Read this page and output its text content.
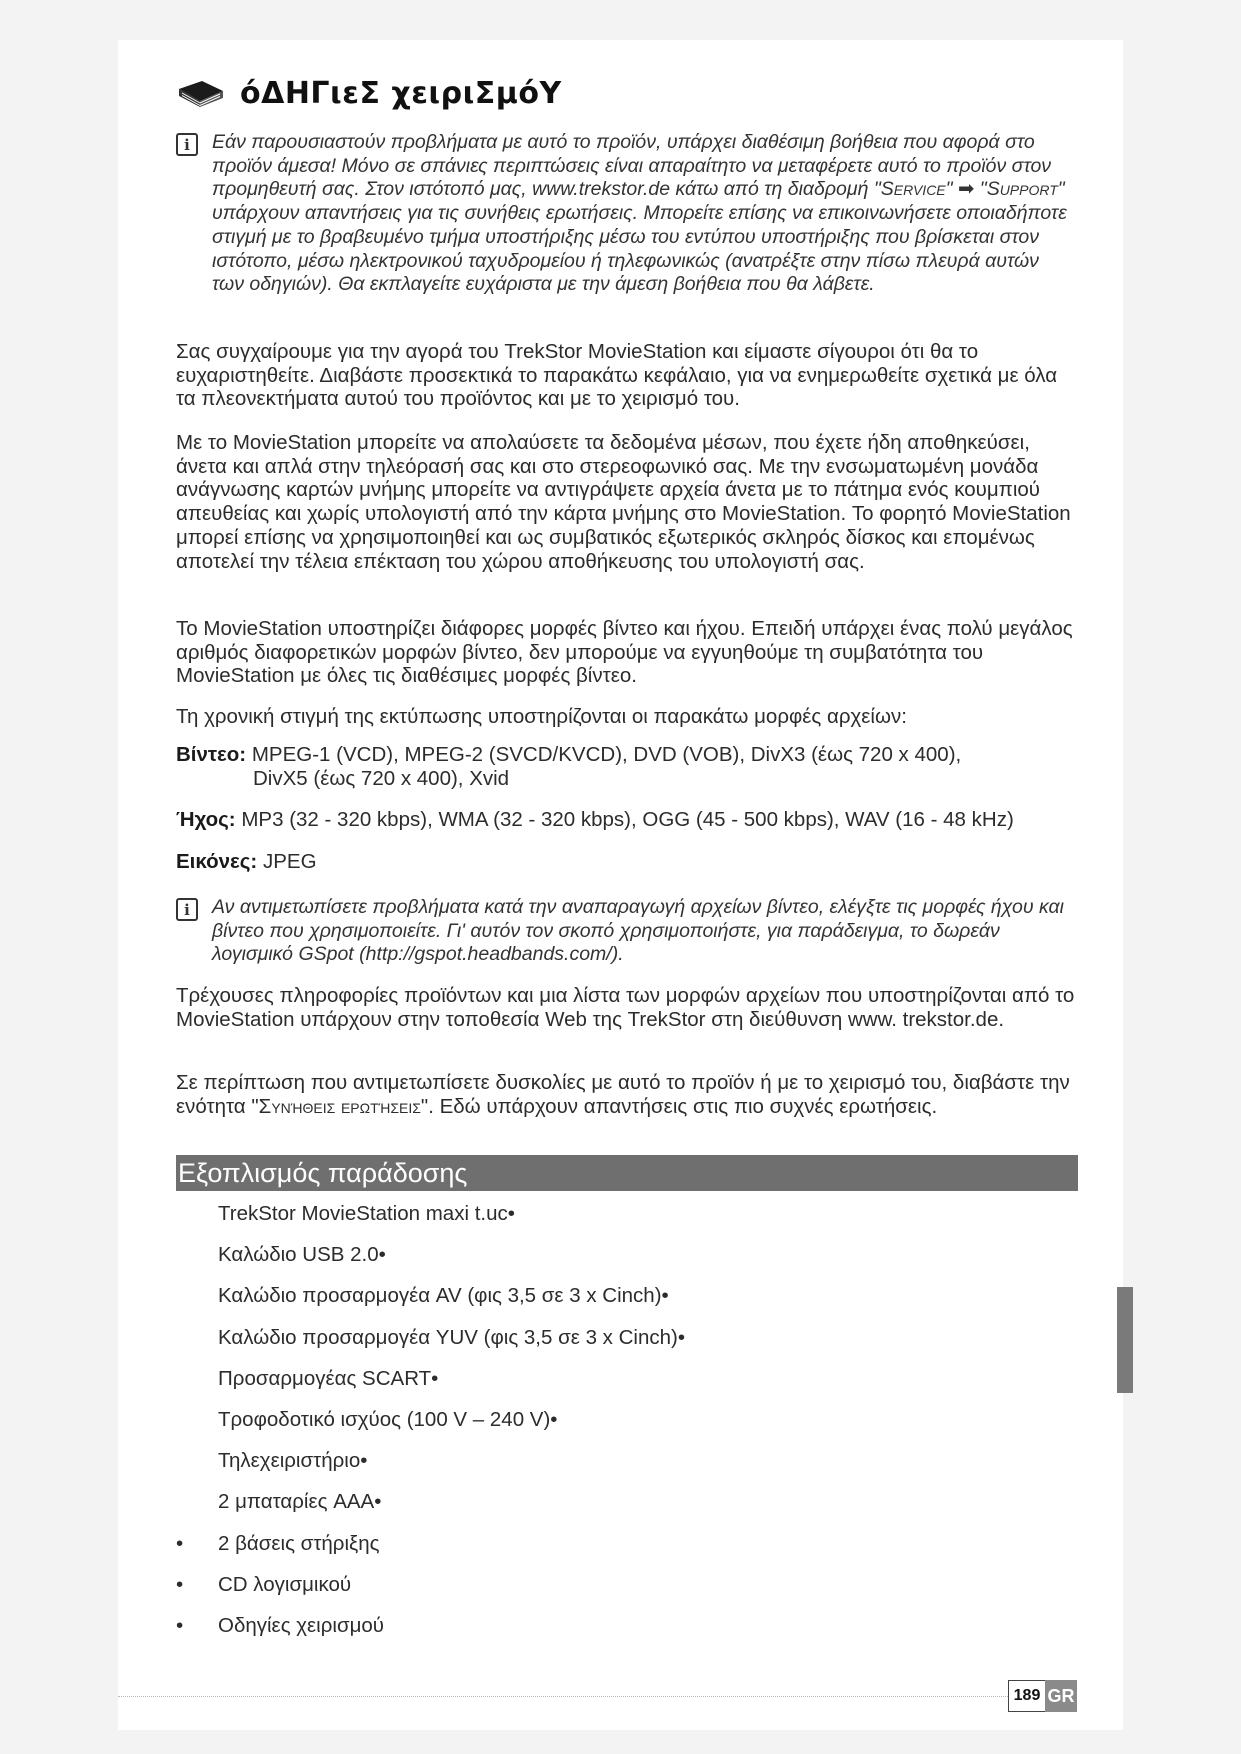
όΔΗΓιεΣ χειριΣμόΥ
i	Εάν παρουσιαστούν προβλήματα με αυτό το προϊόν, υπάρχει διαθέσιμη βοήθεια που αφορά στο προϊόν άμεσα! Μόνο σε σπάνιες περιπτώσεις είναι απαραίτητο να μεταφέρετε αυτό το προϊόν στον προμηθευτή σας. Στον ιστότοπό μας, www.trekstor.de κάτω από τη διαδρομή "Service" ➡ "Support" υπάρχουν απαντήσεις για τις συνήθεις ερωτήσεις. Μπορείτε επίσης να επικοινωνήσετε οποιαδήποτε στιγμή με το βραβευμένο τμήμα υποστήριξης μέσω του εντύπου υποστήριξης που βρίσκεται στον ιστότοπο, μέσω ηλεκτρονικού ταχυδρομείου ή τηλεφωνικώς (ανατρέξτε στην πίσω πλευρά αυτών των οδηγιών). Θα εκπλαγείτε ευχάριστα με την άμεση βοήθεια που θα λάβετε.
Σας συγχαίρουμε για την αγορά του TrekStor MovieStation και είμαστε σίγουροι ότι θα το ευχαριστηθείτε. Διαβάστε προσεκτικά το παρακάτω κεφάλαιο, για να ενημερωθείτε σχετικά με όλα τα πλεονεκτήματα αυτού του προϊόντος και με το χειρισμό του.
Με το MovieStation μπορείτε να απολαύσετε τα δεδομένα μέσων, που έχετε ήδη αποθηκεύσει, άνετα και απλά στην τηλεόρασή σας και στο στερεοφωνικό σας. Με την ενσωματωμένη μονάδα ανάγνωσης καρτών μνήμης μπορείτε να αντιγράψετε αρχεία άνετα με το πάτημα ενός κουμπιού απευθείας και χωρίς υπολογιστή από την κάρτα μνήμης στο MovieStation. Το φορητό MovieStation μπορεί επίσης να χρησιμοποιηθεί και ως συμβατικός εξωτερικός σκληρός δίσκος και επομένως αποτελεί την τέλεια επέκταση του χώρου αποθήκευσης του υπολογιστή σας.
Το MovieStation υποστηρίζει διάφορες μορφές βίντεο και ήχου. Επειδή υπάρχει ένας πολύ μεγάλος αριθμός διαφορετικών μορφών βίντεο, δεν μπορούμε να εγγυηθούμε τη συμβατότητα του MovieStation με όλες τις διαθέσιμες μορφές βίντεο.
Τη χρονική στιγμή της εκτύπωσης υποστηρίζονται οι παρακάτω μορφές αρχείων:
Βίντεο: MPEG-1 (VCD), MPEG-2 (SVCD/KVCD), DVD (VOB), DivX3 (έως 720 x 400),
DivX5 (έως 720 x 400), Xvid
Ήχος: MP3 (32 - 320 kbps), WMA (32 - 320 kbps), OGG (45 - 500 kbps), WAV (16 - 48 kHz)
Εικόνες: JPEG
i	Αν αντιμετωπίσετε προβλήματα κατά την αναπαραγωγή αρχείων βίντεο, ελέγξτε τις μορφές ήχου και βίντεο που χρησιμοποιείτε. Γι' αυτόν τον σκοπό χρησιμοποιήστε, για παράδειγμα, το δωρεάν λογισμικό GSpot (http://gspot.headbands.com/).
Τρέχουσες πληροφορίες προϊόντων και μια λίστα των μορφών αρχείων που υποστηρίζονται από το MovieStation υπάρχουν στην τοποθεσία Web της TrekStor στη διεύθυνση www. trekstor.de.
Σε περίπτωση που αντιμετωπίσετε δυσκολίες με αυτό το προϊόν ή με το χειρισμό του, διαβάστε την ενότητα "Συνήθεις ερωτήσεις". Εδώ υπάρχουν απαντήσεις στις πιο συχνές ερωτήσεις.
Εξοπλισμός παράδοσης
TrekStor MovieStation maxi t.uc•
Καλώδιο USB 2.0•
Καλώδιο προσαρμογέα AV (φις 3,5 σε 3 x Cinch)•
Καλώδιο προσαρμογέα YUV (φις 3,5 σε 3 x Cinch)•
Προσαρμογέας SCART•
Τροφοδοτικό ισχύος (100 V – 240 V)•
Τηλεχειριστήριο•
2 μπαταρίες AAA•
• 2 βάσεις στήριξης
• CD λογισμικού
• Οδηγίες χειρισμού
189 GR
